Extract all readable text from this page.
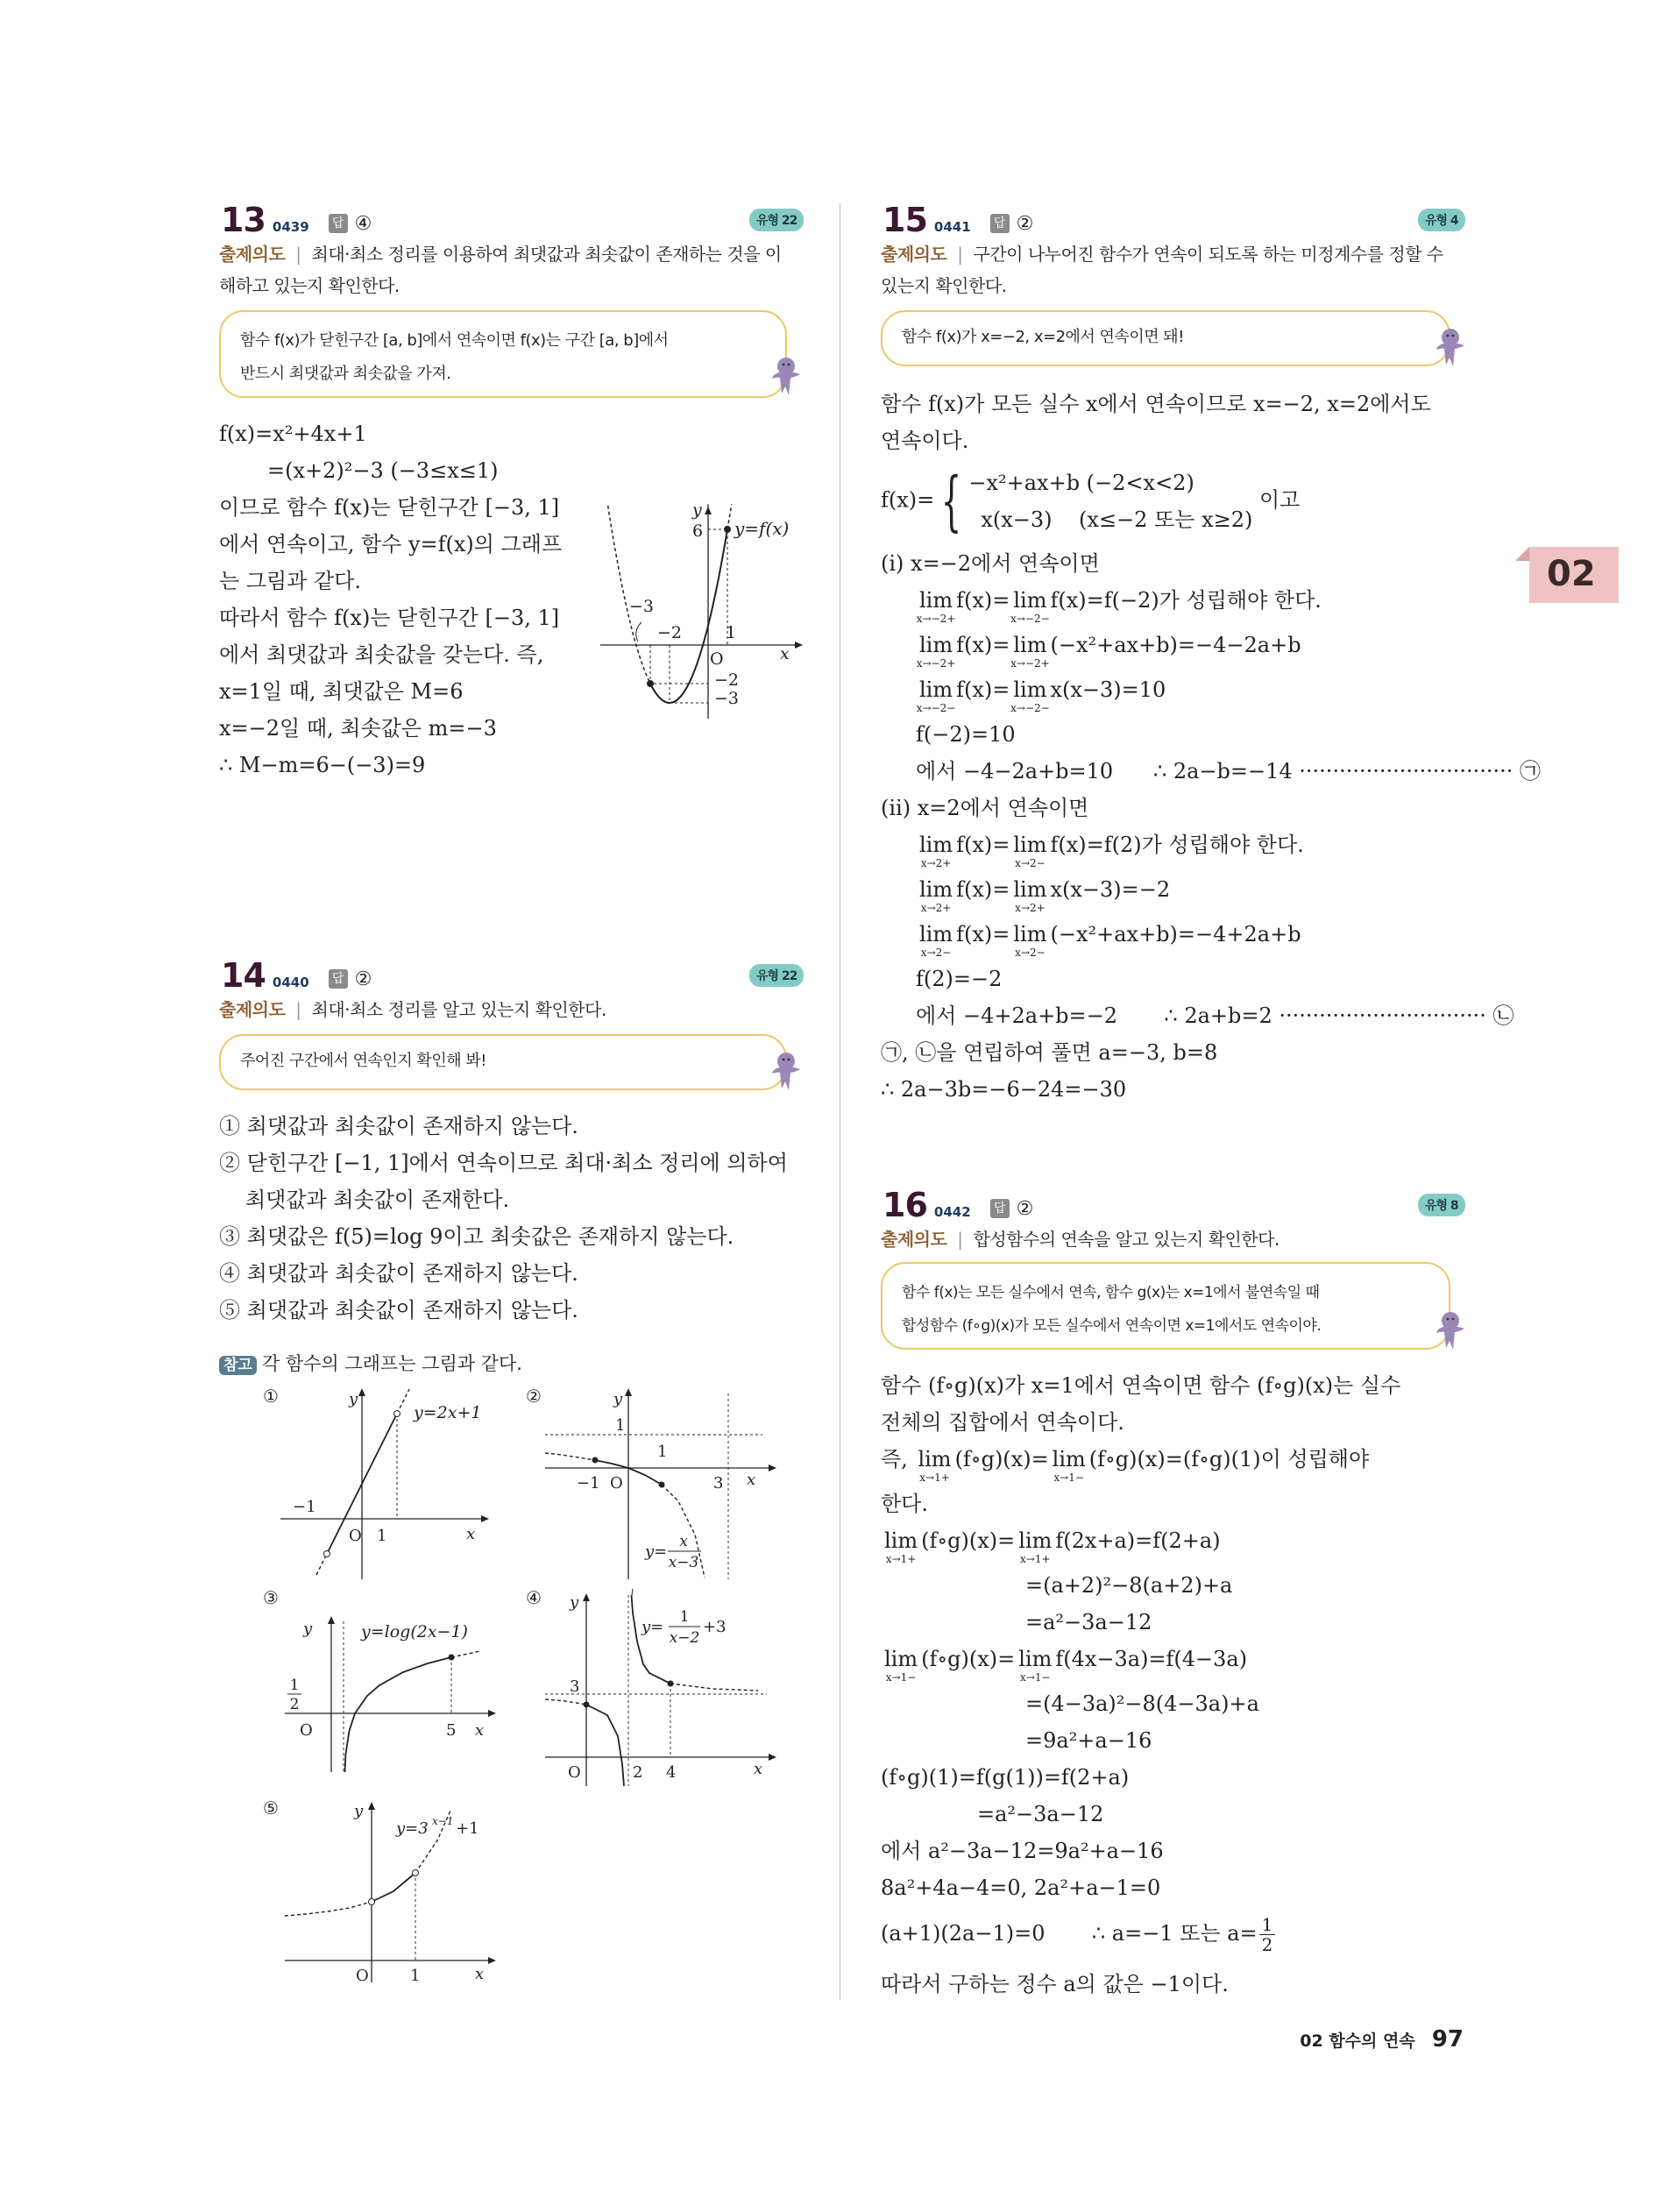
02
02 함수의 연속 97
13 0439	답 ④	유형 22
출제의도 | 최대·최소 정리를 이용하여 최댓값과 최솟값이 존재하는 것을 이
해하고 있는지 확인한다.
함수 f(x)가 닫힌구간 [a, b]에서 연속이면 f(x)는 구간 [a, b]에서
반드시 최댓값과 최솟값을 가져.
f(x)=x²+4x+1
=(x+2)²−3 (−3≤x≤1)
이므로 함수 f(x)는 닫힌구간 [−3, 1]
에서 연속이고, 함수 y=f(x)의 그래프
는 그림과 같다.
따라서 함수 f(x)는 닫힌구간 [−3, 1]
에서 최댓값과 최솟값을 갖는다. 즉,
x=1일 때, 최댓값은 M=6
x=−2일 때, 최솟값은 m=−3
∴ M−m=6−(−3)=9
y
6 y=f(x)
−3
−2	1
O	x
−2
−3
14 0440	답 ②	유형 22
출제의도 | 최대·최소 정리를 알고 있는지 확인한다.
주어진 구간에서 연속인지 확인해 봐!
① 최댓값과 최솟값이 존재하지 않는다.
② 닫힌구간 [−1, 1]에서 연속이므로 최대·최소 정리에 의하여
최댓값과 최솟값이 존재한다.
③ 최댓값은 f(5)=log 9이고 최솟값은 존재하지 않는다.
④ 최댓값과 최솟값이 존재하지 않는다.
⑤ 최댓값과 최솟값이 존재하지 않는다.
참고 각 함수의 그래프는 그림과 같다.
①	y
y=2x+1
−1
O 1	x
②	y
1
1
−1 O	3 x
y=
x
x−3
③
y	y=log(2x−1)
1
2
O	5 x
④ y
y=
1
x−2
+3
3
O	2 4	x
⑤	y
y=3 x−1 +1
O	1	x
15 0441	답 ②	유형 4
출제의도 | 구간이 나누어진 함수가 연속이 되도록 하는 미정계수를 정할 수
있는지 확인한다.
함수 f(x)가 x=−2, x=2에서 연속이면 돼!
함수 f(x)가 모든 실수 x에서 연속이므로 x=−2, x=2에서도
연속이다.
f(x)= { −x²+ax+b (−2<x<2)
x(x−3)    (x≤−2 또는 x≥2)
이고
(ⅰ) x=−2에서 연속이면
lim
x→−2+
f(x)= lim
x→−2−
f(x)=f(−2)가 성립해야 한다.
lim
x→−2+
f(x)= lim
x→−2+
(−x²+ax+b)=−4−2a+b
lim
x→−2−
f(x)= lim
x→−2−
x(x−3)=10
f(−2)=10
에서 −4−2a+b=10      ∴ 2a−b=−14 ································ ㉠
(ⅱ) x=2에서 연속이면
lim
x→2+
f(x)= lim
x→2−
f(x)=f(2)가 성립해야 한다.
lim
x→2+
f(x)= lim
x→2+
x(x−3)=−2
lim
x→2−
f(x)= lim
x→2−
(−x²+ax+b)=−4+2a+b
f(2)=−2
에서 −4+2a+b=−2       ∴ 2a+b=2 ······························· ㉡
㉠, ㉡을 연립하여 풀면 a=−3, b=8
∴ 2a−3b=−6−24=−30
16 0442	답 ②	유형 8
출제의도 | 합성함수의 연속을 알고 있는지 확인한다.
함수 f(x)는 모든 실수에서 연속, 함수 g(x)는 x=1에서 불연속일 때
합성함수 (f∘g)(x)가 모든 실수에서 연속이면 x=1에서도 연속이야.
함수 (f∘g)(x)가 x=1에서 연속이면 함수 (f∘g)(x)는 실수
전체의 집합에서 연속이다.
즉, lim
x→1+
(f∘g)(x)= lim
x→1−
(f∘g)(x)=(f∘g)(1)이 성립해야
한다.
lim
x→1+
(f∘g)(x)= lim
x→1+
f(2x+a)=f(2+a)
=(a+2)²−8(a+2)+a
=a²−3a−12
lim
x→1−
(f∘g)(x)= lim
x→1−
f(4x−3a)=f(4−3a)
=(4−3a)²−8(4−3a)+a
=9a²+a−16
(f∘g)(1)=f(g(1))=f(2+a)
=a²−3a−12
에서 a²−3a−12=9a²+a−16
8a²+4a−4=0, 2a²+a−1=0
(a+1)(2a−1)=0       ∴ a=−1 또는 $a= \frac{1}{2}$
따라서 구하는 정수 a의 값은 −1이다.
